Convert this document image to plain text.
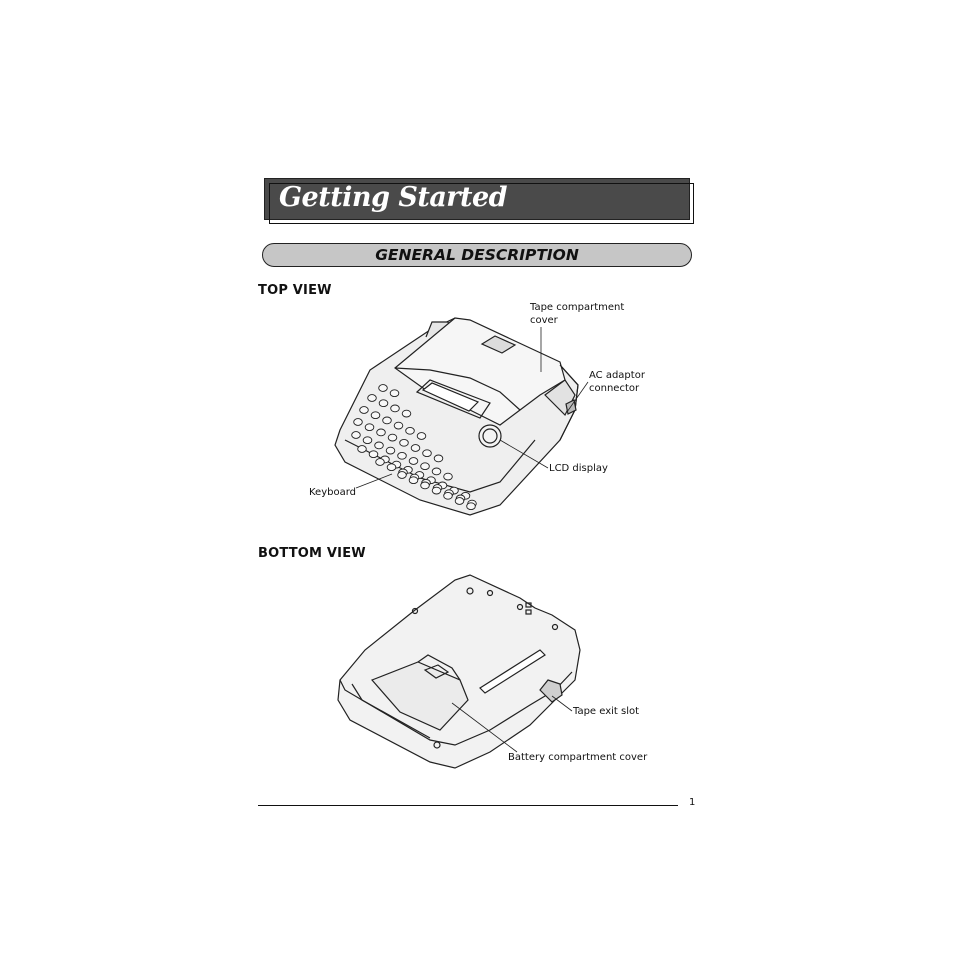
Getting Started
GENERAL DESCRIPTION
TOP VIEW
Tape compartment
cover
AC adaptor
connector
LCD display
Keyboard
BOTTOM VIEW
Tape exit slot
Battery compartment cover
1
